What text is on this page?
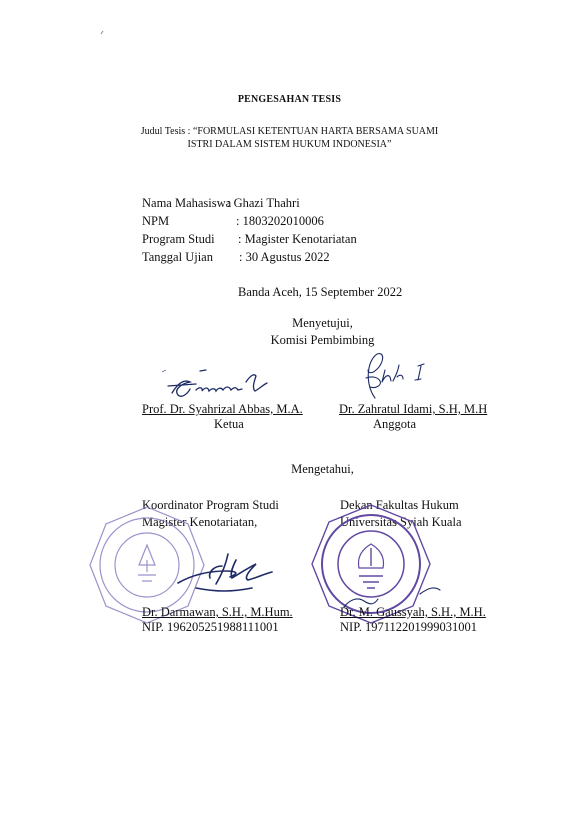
PENGESAHAN TESIS
Judul Tesis : “FORMULASI KETENTUAN HARTA BERSAMA SUAMI
ISTRI DALAM SISTEM HUKUM INDONESIA”
Nama Mahasiswa
: Ghazi Thahri
NPM	: 1803202010006
Program Studi : Magister Kenotariatan
Tanggal Ujian : 30 Agustus 2022
Banda Aceh, 15 September 2022
Menyetujui,
Komisi Pembimbing
Prof. Dr. Syahrizal Abbas, M.A.
Ketua
Dr. Zahratul Idami, S.H, M.H
Anggota
Mengetahui,
Koordinator Program Studi
Magister Kenotariatan,
Dekan Fakultas Hukum
Universitas Syiah Kuala
Dr. Darmawan, S.H., M.Hum.
NIP. 196205251988111001
Dr. M. Gaussyah, S.H., M.H.
NIP. 197112201999031001
